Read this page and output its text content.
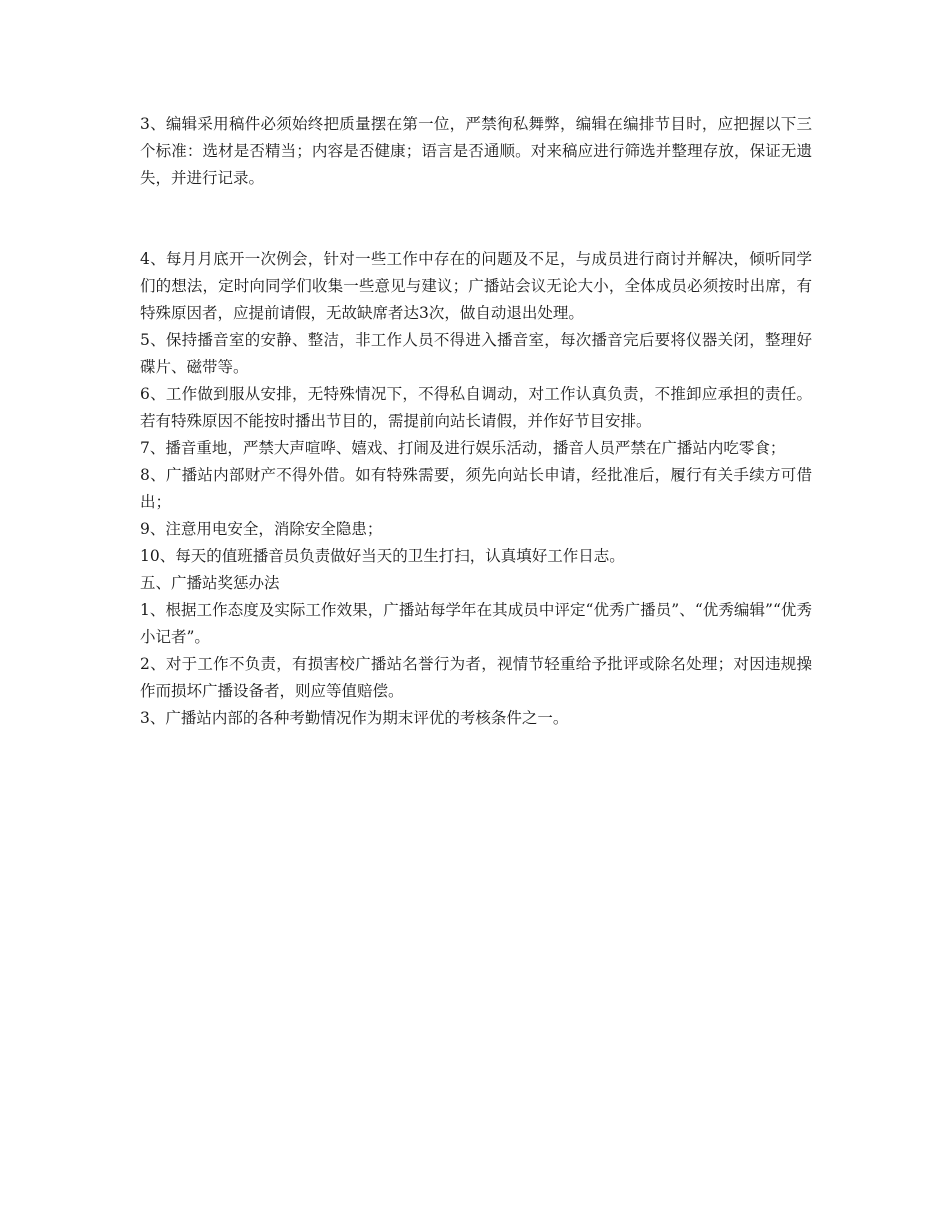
3、编辑采用稿件必须始终把质量摆在第一位，严禁徇私舞弊，编辑在编排节目时，应把握以下三个标准：选材是否精当；内容是否健康；语言是否通顺。对来稿应进行筛选并整理存放，保证无遗失，并进行记录。

4、每月月底开一次例会，针对一些工作中存在的问题及不足，与成员进行商讨并解决，倾听同学们的想法，定时向同学们收集一些意见与建议；广播站会议无论大小，全体成员必须按时出席，有特殊原因者，应提前请假，无故缺席者达3次，做自动退出处理。

5、保持播音室的安静、整洁，非工作人员不得进入播音室，每次播音完后要将仪器关闭，整理好碟片、磁带等。

6、工作做到服从安排，无特殊情况下，不得私自调动，对工作认真负责，不推卸应承担的责任。若有特殊原因不能按时播出节目的，需提前向站长请假，并作好节目安排。

7、播音重地，严禁大声喧哗、嬉戏、打闹及进行娱乐活动，播音人员严禁在广播站内吃零食；

8、广播站内部财产不得外借。如有特殊需要，须先向站长申请，经批准后，履行有关手续方可借出；

9、注意用电安全，消除安全隐患；

10、每天的值班播音员负责做好当天的卫生打扫，认真填好工作日志。

五、广播站奖惩办法

1、根据工作态度及实际工作效果，广播站每学年在其成员中评定“优秀广播员”、“优秀编辑”“优秀小记者”。

2、对于工作不负责，有损害校广播站名誉行为者，视情节轻重给予批评或除名处理；对因违规操作而损坏广播设备者，则应等值赔偿。

3、广播站内部的各种考勤情况作为期末评优的考核条件之一。
